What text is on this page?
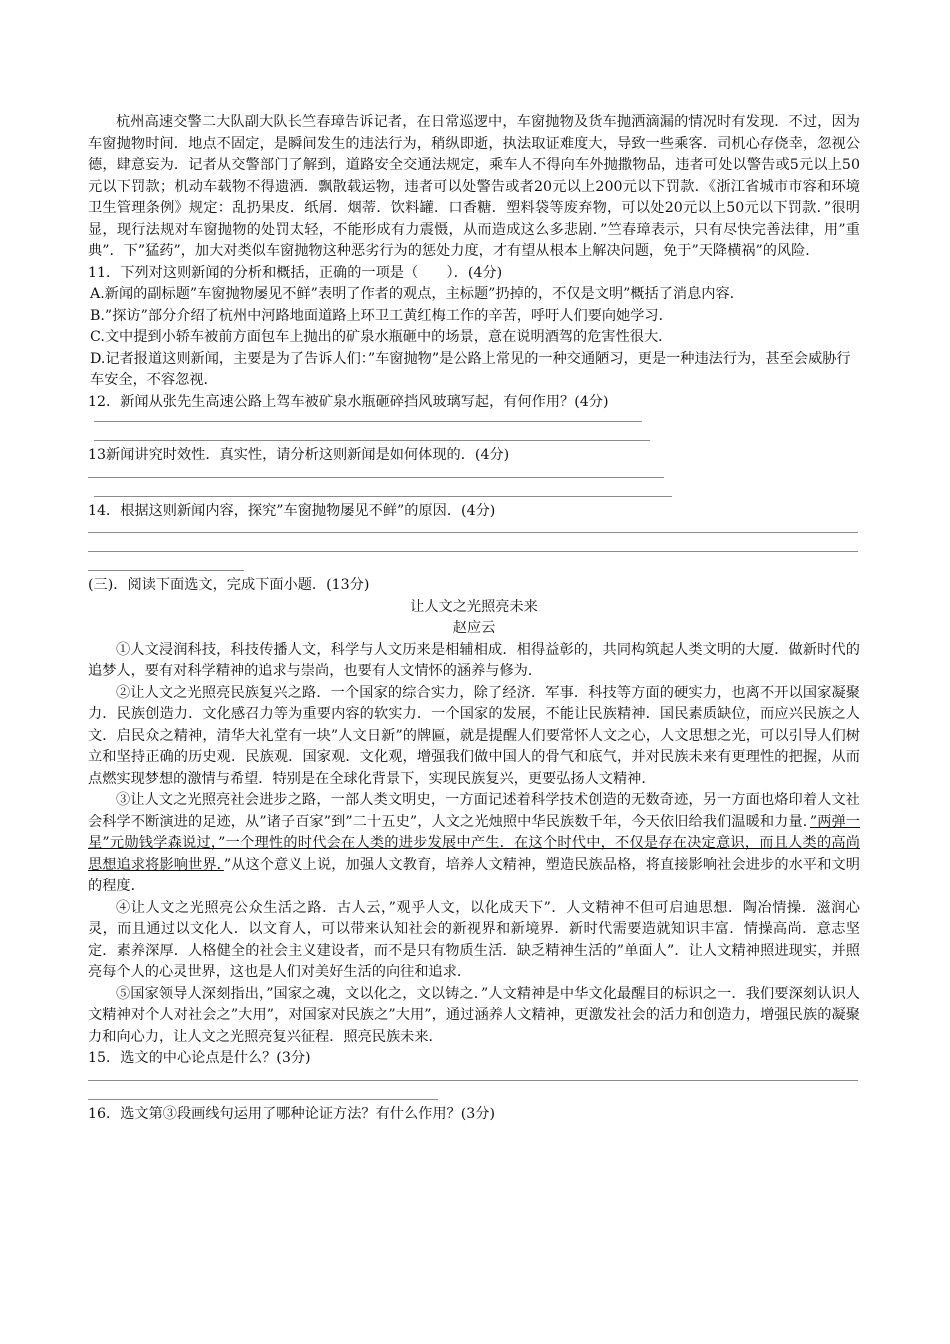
杭州高速交警二大队副大队长竺春璋告诉记者，在日常巡逻中，车窗抛物及货车抛洒滴漏的情况时有发现．不过，因为车窗抛物时间．地点不固定，是瞬间发生的违法行为，稍纵即逝，执法取证难度大，导致一些乘客．司机心存侥幸，忽视公德，肆意妄为．记者从交警部门了解到，道路安全交通法规定，乘车人不得向车外抛撒物品，违者可处以警告或5元以上50元以下罚款；机动车载物不得遗洒．飘散载运物，违者可以处警告或者20元以上200元以下罚款．《浙江省城市市容和环境卫生管理条例》规定：乱扔果皮．纸屑．烟蒂．饮料罐．口香糖．塑料袋等废弃物，可以处20元以上50元以下罚款．”很明显，现行法规对车窗抛物的处罚太轻，不能形成有力震慑，从而造成这么多悲剧．”竺春璋表示，只有尽快完善法律，用”重典”．下”猛药”，加大对类似车窗抛物这种恶劣行为的惩处力度，才有望从根本上解决问题，免于”天降横祸”的风险．

11．下列对这则新闻的分析和概括，正确的一项是（　　）．(4分)

A.新闻的副标题”车窗抛物屡见不鲜”表明了作者的观点，主标题”扔掉的，不仅是文明”概括了消息内容．

B.”探访”部分介绍了杭州中河路地面道路上环卫工黄红梅工作的辛苦，呼吁人们要向她学习．

C.文中提到小轿车被前方面包车上抛出的矿泉水瓶砸中的场景，意在说明酒驾的危害性很大．

D.记者报道这则新闻，主要是为了告诉人们：”车窗抛物”是公路上常见的一种交通陋习，更是一种违法行为，甚至会威胁行车安全，不容忽视．

12．新闻从张先生高速公路上驾车被矿泉水瓶砸碎挡风玻璃写起，有何作用？(4分)

13新闻讲究时效性．真实性，请分析这则新闻是如何体现的．(4分)

14．根据这则新闻内容，探究”车窗抛物屡见不鲜”的原因．(4分)

(三)．阅读下面选文，完成下面小题．(13分)

让人文之光照亮未来

赵应云

①人文浸润科技，科技传播人文，科学与人文历来是相辅相成．相得益彰的，共同构筑起人类文明的大厦．做新时代的追梦人，要有对科学精神的追求与崇尚，也要有人文情怀的涵养与修为．

②让人文之光照亮民族复兴之路．一个国家的综合实力，除了经济．军事．科技等方面的硬实力，也离不开以国家凝聚力．民族创造力．文化感召力等为重要内容的软实力．一个国家的发展，不能让民族精神．国民素质缺位，而应兴民族之人文．启民众之精神，清华大礼堂有一块”人文日新”的牌匾，就是提醒人们要常怀人文之心，人文思想之光，可以引导人们树立和坚持正确的历史观．民族观．国家观．文化观，增强我们做中国人的骨气和底气，并对民族未来有更理性的把握，从而点燃实现梦想的激情与希望．特别是在全球化背景下，实现民族复兴，更要弘扬人文精神．

③让人文之光照亮社会进步之路，一部人类文明史，一方面记述着科学技术创造的无数奇迹，另一方面也烙印着人文社会科学不断演进的足迹，从”诸子百家”到”二十五史”，人文之光烛照中华民族数千年，今天依旧给我们温暖和力量．”两弹一星”元勋钱学森说过，”一个理性的时代会在人类的进步发展中产生．在这个时代中，不仅是存在决定意识，而且人类的高尚思想追求将影响世界．”从这个意义上说，加强人文教育，培养人文精神，塑造民族品格，将直接影响社会进步的水平和文明的程度．

④让人文之光照亮公众生活之路．古人云，”观乎人文，以化成天下”．人文精神不但可启迪思想．陶冶情操．滋润心灵，而且通过以文化人．以文育人，可以带来认知社会的新视界和新境界．新时代需要造就知识丰富．情操高尚．意志坚定．素养深厚．人格健全的社会主义建设者，而不是只有物质生活．缺乏精神生活的”单面人”．让人文精神照进现实，并照亮每个人的心灵世界，这也是人们对美好生活的向往和追求．

⑤国家领导人深刻指出，”国家之魂，文以化之，文以铸之．”人文精神是中华文化最醒目的标识之一．我们要深刻认识人文精神对个人对社会之”大用”，对国家对民族之”大用”，通过涵养人文精神，更激发社会的活力和创造力，增强民族的凝聚力和向心力，让人文之光照亮复兴征程．照亮民族未来．

15．选文的中心论点是什么？(3分)

16．选文第③段画线句运用了哪种论证方法？有什么作用？(3分)
